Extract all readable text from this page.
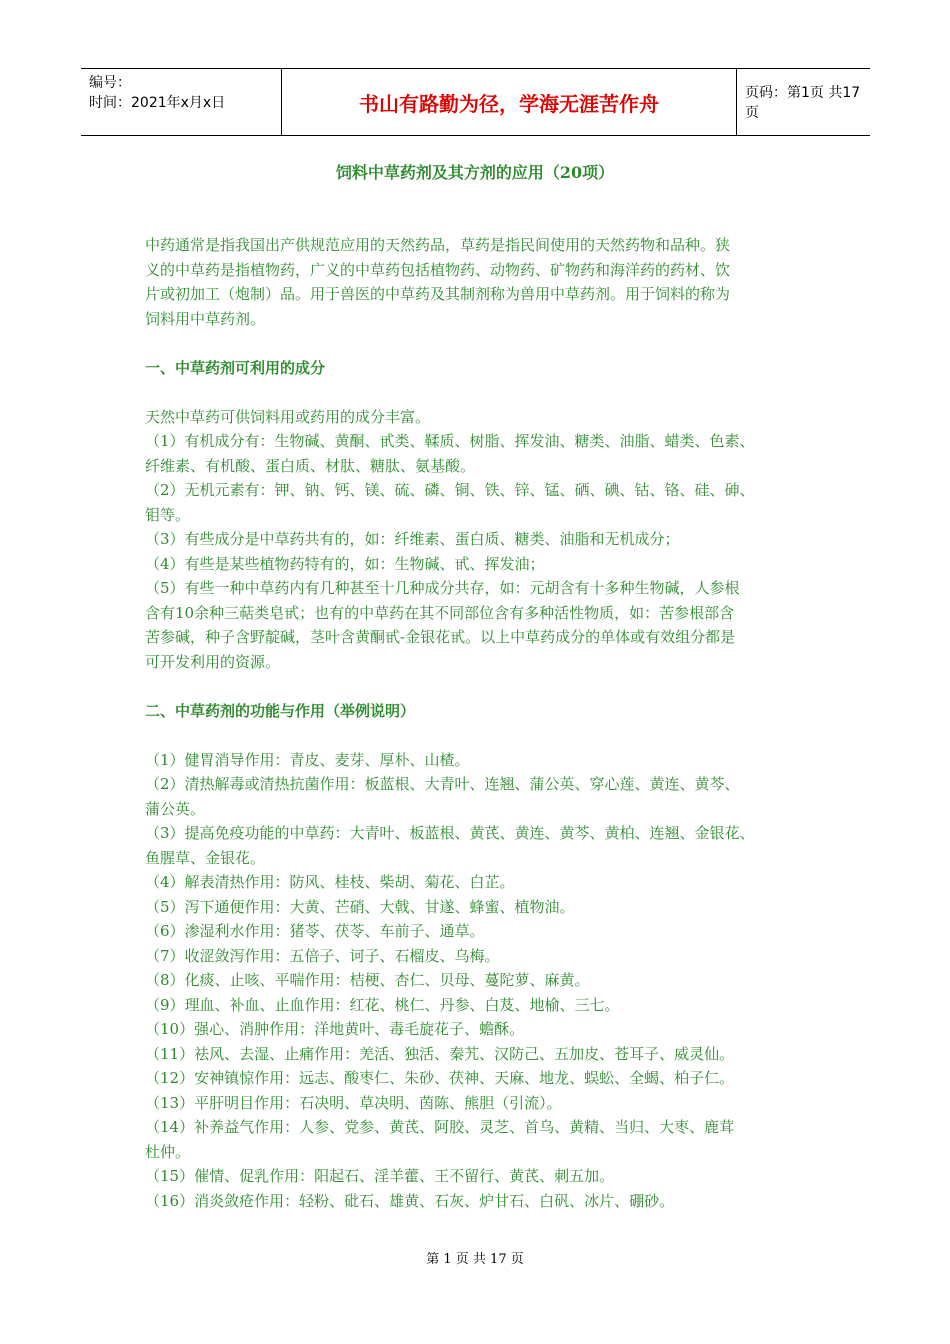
编号：
时间：2021年x月x日	书山有路勤为径，学海无涯苦作舟	页码：第1页 共17页
饲料中草药剂及其方剂的应用（20项）

中药通常是指我国出产供规范应用的天然药品，草药是指民间使用的天然药物和品种。狭

义的中草药是指植物药，广义的中草药包括植物药、动物药、矿物药和海洋药的药材、饮

片或初加工（炮制）品。用于兽医的中草药及其制剂称为兽用中草药剂。用于饲料的称为

饲料用中草药剂。

一、中草药剂可利用的成分

天然中草药可供饲料用或药用的成分丰富。

（1）有机成分有：生物碱、黄酮、甙类、鞣质、树脂、挥发油、糖类、油脂、蜡类、色素、

纤维素、有机酸、蛋白质、材肽、糖肽、氨基酸。

（2）无机元素有：钾、钠、钙、镁、硫、磷、铜、铁、锌、锰、硒、碘、钴、铬、硅、砷、

钼等。

（3）有些成分是中草药共有的，如：纤维素、蛋白质、糖类、油脂和无机成分；

（4）有些是某些植物药特有的，如：生物碱、甙、挥发油；

（5）有些一种中草药内有几种甚至十几种成分共存，如：元胡含有十多种生物碱，人参根

含有10余种三萜类皂甙；也有的中草药在其不同部位含有多种活性物质，如：苦参根部含

苦参碱，种子含野靛碱，茎叶含黄酮甙-金银花甙。以上中草药成分的单体或有效组分都是

可开发利用的资源。

二、中草药剂的功能与作用（举例说明）

（1）健胃消导作用：青皮、麦芽、厚朴、山楂。

（2）清热解毒或清热抗菌作用：板蓝根、大青叶、连翘、蒲公英、穿心莲、黄连、黄芩、

蒲公英。

（3）提高免疫功能的中草药：大青叶、板蓝根、黄芪、黄连、黄芩、黄柏、连翘、金银花、

鱼腥草、金银花。

（4）解表清热作用：防风、桂枝、柴胡、菊花、白芷。

（5）泻下通便作用：大黄、芒硝、大戟、甘遂、蜂蜜、植物油。

（6）渗湿利水作用：猪苓、茯苓、车前子、通草。

（7）收涩敛泻作用：五倍子、诃子、石榴皮、乌梅。

（8）化痰、止咳、平喘作用：桔梗、杏仁、贝母、蔓陀萝、麻黄。

（9）理血、补血、止血作用：红花、桃仁、丹参、白芨、地榆、三七。

（10）强心、消肿作用：洋地黄叶、毒毛旋花子、蟾酥。

（11）祛风、去湿、止痛作用：羌活、独活、秦艽、汉防己、五加皮、苍耳子、威灵仙。

（12）安神镇惊作用：远志、酸枣仁、朱砂、茯神、天麻、地龙、蜈蚣、全蝎、柏子仁。

（13）平肝明目作用：石决明、草决明、茵陈、熊胆（引流）。

（14）补养益气作用：人参、党参、黄芪、阿胶、灵芝、首乌、黄精、当归、大枣、鹿茸

杜仲。

（15）催情、促乳作用：阳起石、淫羊藿、王不留行、黄芪、刺五加。

（16）消炎敛疮作用：轻粉、砒石、雄黄、石灰、炉甘石、白矾、冰片、硼砂。

第 1 页 共 17 页
